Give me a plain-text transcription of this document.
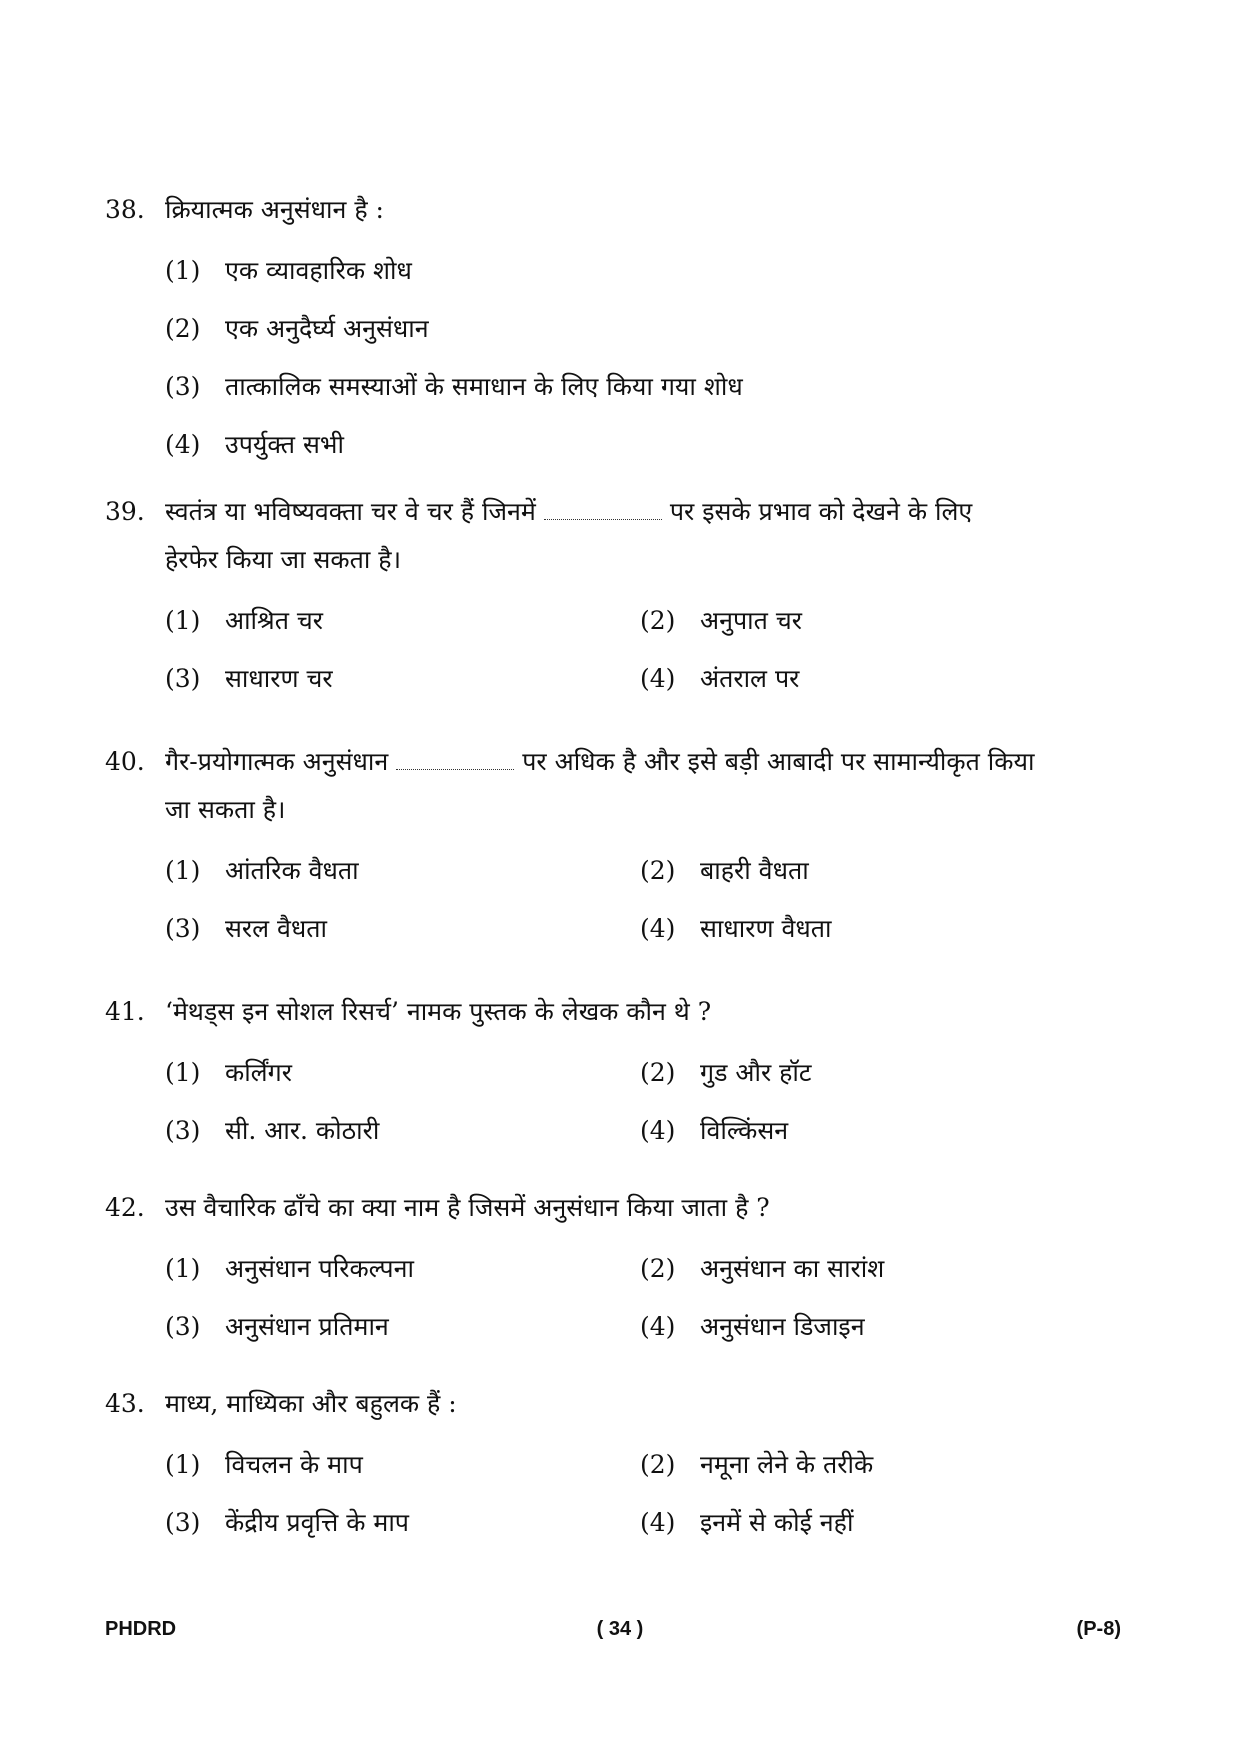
38. क्रियात्मक अनुसंधान है :
(1) एक व्यावहारिक शोध
(2) एक अनुदैर्घ्य अनुसंधान
(3) तात्कालिक समस्याओं के समाधान के लिए किया गया शोध
(4) उपर्युक्त सभी
39. स्वतंत्र या भविष्यवक्ता चर वे चर हैं जिनमें	पर इसके प्रभाव को देखने के लिए
हेरफेर किया जा सकता है।
(1) आश्रित चर	(2) अनुपात चर
(3) साधारण चर	(4) अंतराल पर
40. गैर-प्रयोगात्मक अनुसंधान	पर अधिक है और इसे बड़ी आबादी पर सामान्यीकृत किया
जा सकता है।
(1) आंतरिक वैधता	(2) बाहरी वैधता
(3) सरल वैधता	(4) साधारण वैधता
41. ‘मेथड्स इन सोशल रिसर्च’ नामक पुस्तक के लेखक कौन थे ?
(1) कर्लिंगर	(2) गुड और हॉट
(3) सी. आर. कोठारी	(4) विल्किंसन
42. उस वैचारिक ढाँचे का क्या नाम है जिसमें अनुसंधान किया जाता है ?
(1) अनुसंधान परिकल्पना	(2) अनुसंधान का सारांश
(3) अनुसंधान प्रतिमान	(4) अनुसंधान डिजाइन
43. माध्य, माध्यिका और बहुलक हैं :
(1) विचलन के माप	(2) नमूना लेने के तरीके
(3) केंद्रीय प्रवृत्ति के माप	(4) इनमें से कोई नहीं
PHDRD	( 34 )	(P-8)
